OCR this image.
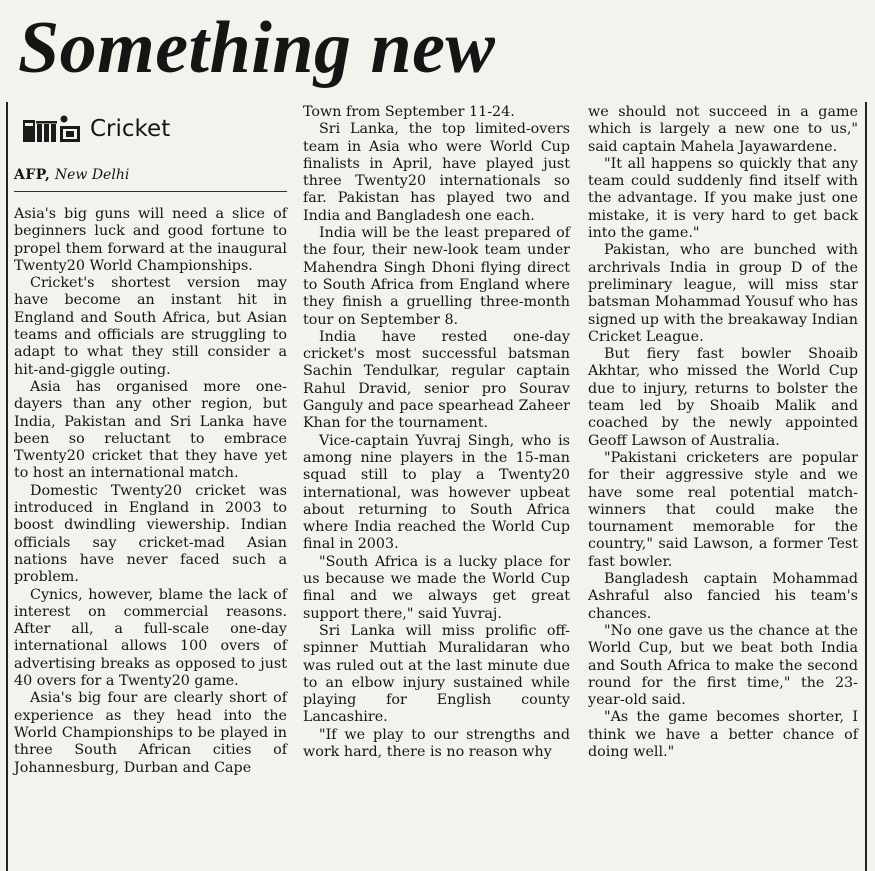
Something new
Cricket
AFP, New Delhi

Asia's big guns will need a slice of beginners luck and good fortune to propel them forward at the inaugural Twenty20 World Championships.

Cricket's shortest version may have become an instant hit in England and South Africa, but Asian teams and officials are struggling to adapt to what they still consider a hit-and-giggle outing.

Asia has organised more one-dayers than any other region, but India, Pakistan and Sri Lanka have been so reluctant to embrace Twenty20 cricket that they have yet to host an international match.

Domestic Twenty20 cricket was introduced in England in 2003 to boost dwindling viewership. Indian officials say cricket-mad Asian nations have never faced such a problem.

Cynics, however, blame the lack of interest on commercial reasons. After all, a full-scale one-day international allows 100 overs of advertising breaks as opposed to just 40 overs for a Twenty20 game.

Asia's big four are clearly short of experience as they head into the World Championships to be played in three South African cities of Johannesburg, Durban and Cape

Town from September 11-24.

Sri Lanka, the top limited-overs team in Asia who were World Cup finalists in April, have played just three Twenty20 internationals so far. Pakistan has played two and India and Bangladesh one each.

India will be the least prepared of the four, their new-look team under Mahendra Singh Dhoni flying direct to South Africa from England where they finish a gruelling three-month tour on September 8.

India have rested one-day cricket's most successful batsman Sachin Tendulkar, regular captain Rahul Dravid, senior pro Sourav Ganguly and pace spearhead Zaheer Khan for the tournament.

Vice-captain Yuvraj Singh, who is among nine players in the 15-man squad still to play a Twenty20 international, was however upbeat about returning to South Africa where India reached the World Cup final in 2003.

"South Africa is a lucky place for us because we made the World Cup final and we always get great support there," said Yuvraj.

Sri Lanka will miss prolific off-spinner Muttiah Muralidaran who was ruled out at the last minute due to an elbow injury sustained while playing for English county Lancashire.

"If we play to our strengths and work hard, there is no reason why

we should not succeed in a game which is largely a new one to us," said captain Mahela Jayawardene.

"It all happens so quickly that any team could suddenly find itself with the advantage. If you make just one mistake, it is very hard to get back into the game."

Pakistan, who are bunched with archrivals India in group D of the preliminary league, will miss star batsman Mohammad Yousuf who has signed up with the breakaway Indian Cricket League.

But fiery fast bowler Shoaib Akhtar, who missed the World Cup due to injury, returns to bolster the team led by Shoaib Malik and coached by the newly appointed Geoff Lawson of Australia.

"Pakistani cricketers are popular for their aggressive style and we have some real potential match-winners that could make the tournament memorable for the country," said Lawson, a former Test fast bowler.

Bangladesh captain Mohammad Ashraful also fancied his team's chances.

"No one gave us the chance at the World Cup, but we beat both India and South Africa to make the second round for the first time," the 23-year-old said.

"As the game becomes shorter, I think we have a better chance of doing well."
